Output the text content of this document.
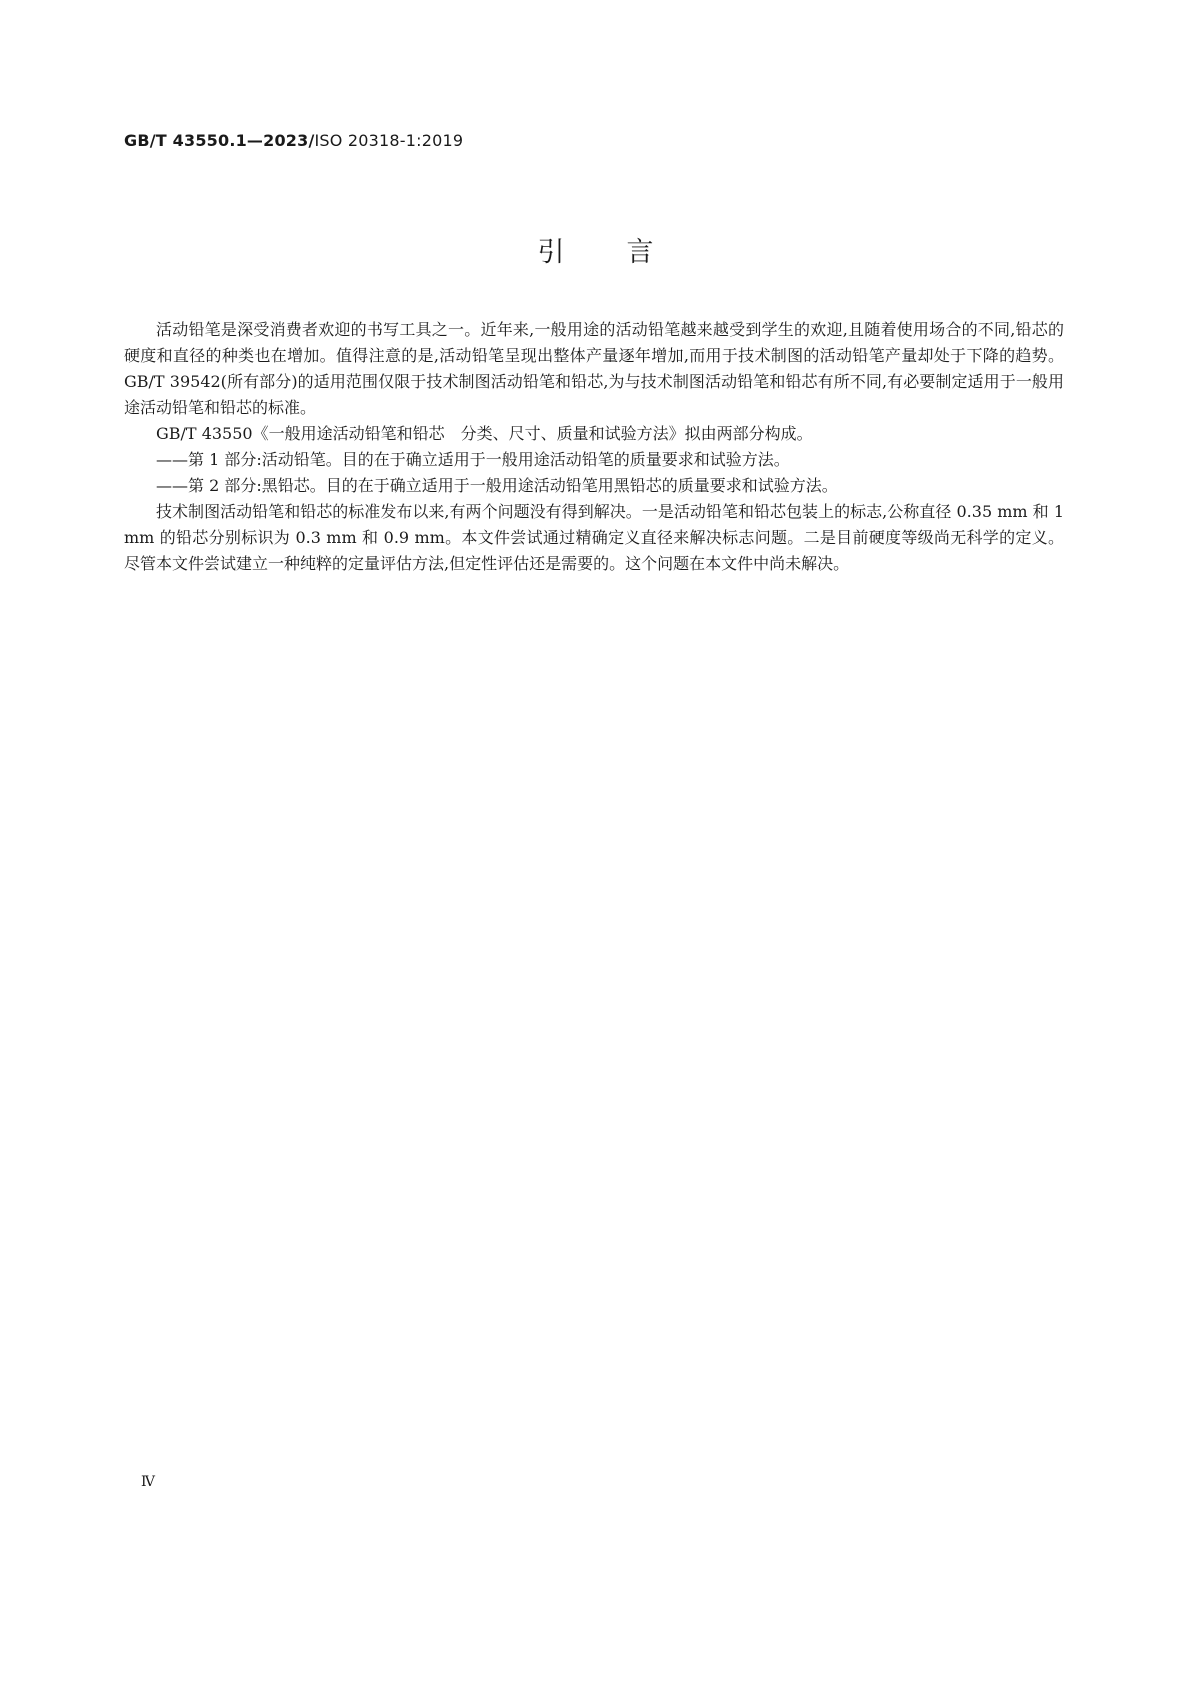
GB/T 43550.1—2023/ISO 20318-1:2019
引言

活动铅笔是深受消费者欢迎的书写工具之一。近年来,一般用途的活动铅笔越来越受到学生的欢迎,且随着使用场合的不同,铅芯的硬度和直径的种类也在增加。值得注意的是,活动铅笔呈现出整体产量逐年增加,而用于技术制图的活动铅笔产量却处于下降的趋势。GB/T 39542(所有部分)的适用范围仅限于技术制图活动铅笔和铅芯,为与技术制图活动铅笔和铅芯有所不同,有必要制定适用于一般用途活动铅笔和铅芯的标准。

GB/T 43550《一般用途活动铅笔和铅芯　分类、尺寸、质量和试验方法》拟由两部分构成。

——第 1 部分:活动铅笔。目的在于确立适用于一般用途活动铅笔的质量要求和试验方法。

——第 2 部分:黑铅芯。目的在于确立适用于一般用途活动铅笔用黑铅芯的质量要求和试验方法。

技术制图活动铅笔和铅芯的标准发布以来,有两个问题没有得到解决。一是活动铅笔和铅芯包装上的标志,公称直径 0.35 mm 和 1 mm 的铅芯分别标识为 0.3 mm 和 0.9 mm。本文件尝试通过精确定义直径来解决标志问题。二是目前硬度等级尚无科学的定义。尽管本文件尝试建立一种纯粹的定量评估方法,但定性评估还是需要的。这个问题在本文件中尚未解决。

Ⅳ
